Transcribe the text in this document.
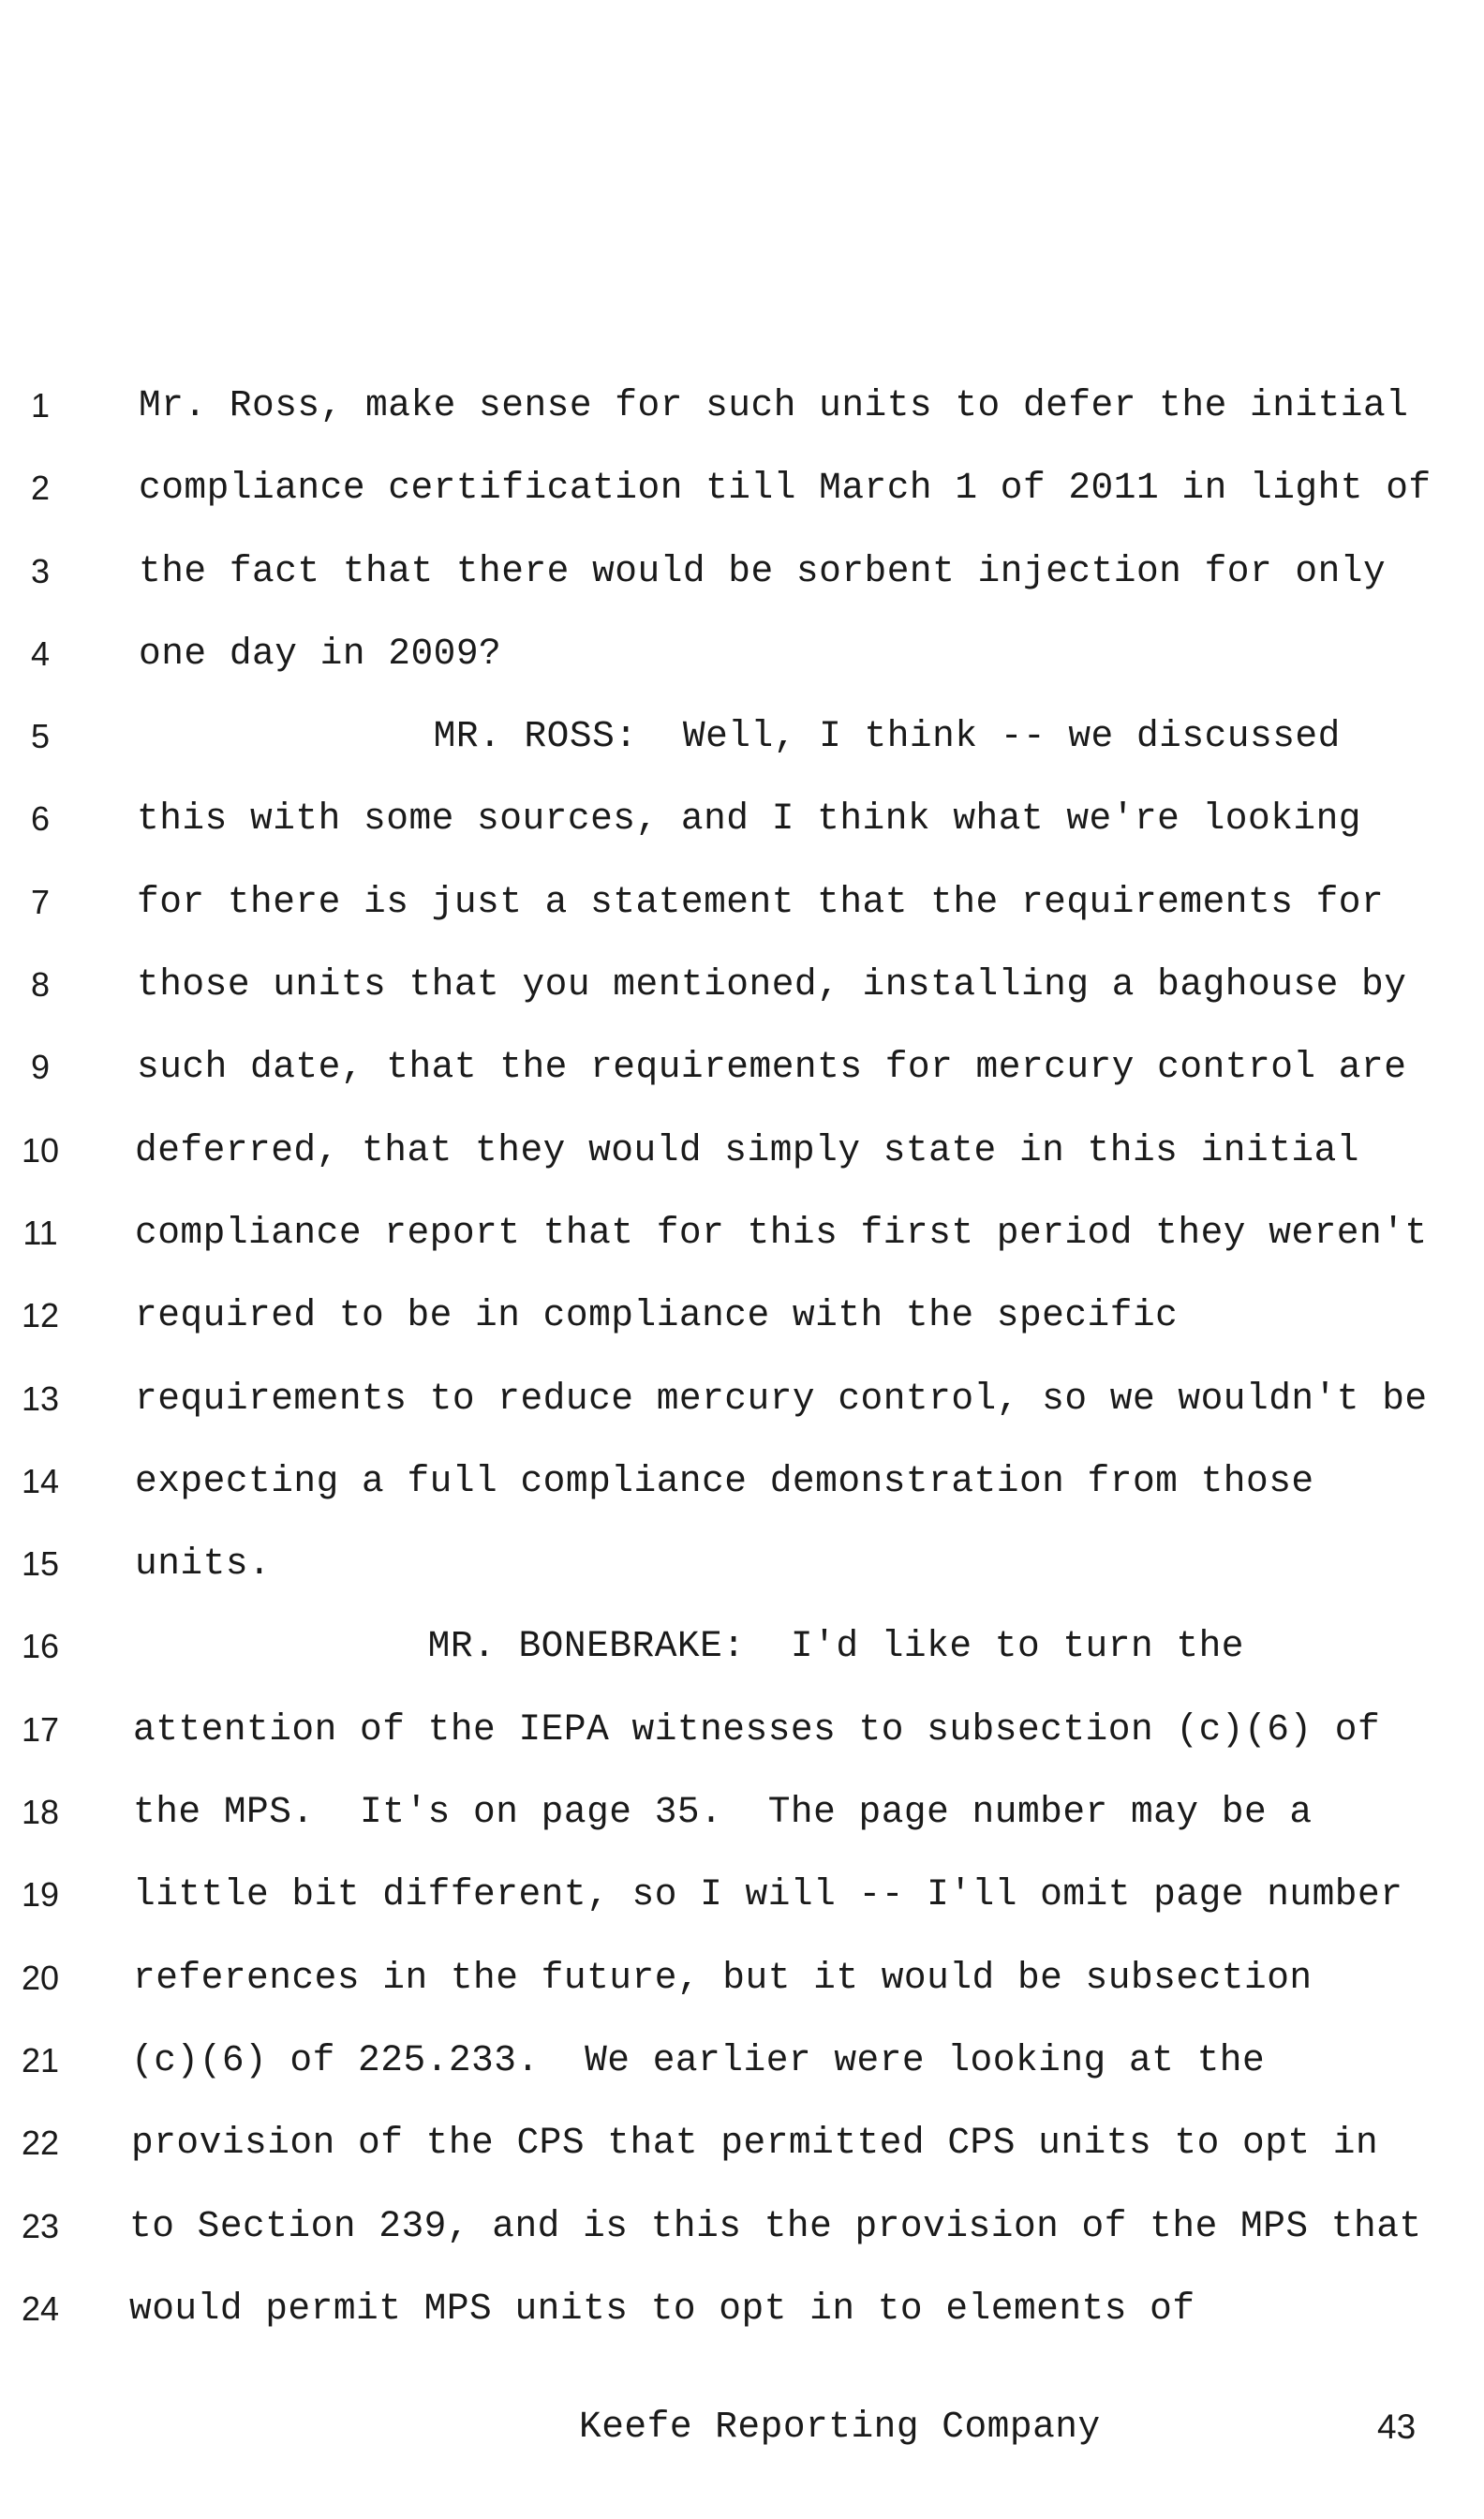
1	Mr. Ross, make sense for such units to defer the initial
2	compliance certification till March 1 of 2011 in light of
3	the fact that there would be sorbent injection for only
4	one day in 2009?
5	MR. ROSS:  Well, I think -- we discussed
6	this with some sources, and I think what we're looking
7	for there is just a statement that the requirements for
8	those units that you mentioned, installing a baghouse by
9	such date, that the requirements for mercury control are
10	deferred, that they would simply state in this initial
11	compliance report that for this first period they weren't
12	required to be in compliance with the specific
13	requirements to reduce mercury control, so we wouldn't be
14	expecting a full compliance demonstration from those
15	units.
16	MR. BONEBRAKE:  I'd like to turn the
17	attention of the IEPA witnesses to subsection (c)(6) of
18	the MPS.  It's on page 35.  The page number may be a
19	little bit different, so I will -- I'll omit page number
20	references in the future, but it would be subsection
21	(c)(6) of 225.233.  We earlier were looking at the
22	provision of the CPS that permitted CPS units to opt in
23	to Section 239, and is this the provision of the MPS that
24	would permit MPS units to opt in to elements of
Keefe Reporting Company	43
